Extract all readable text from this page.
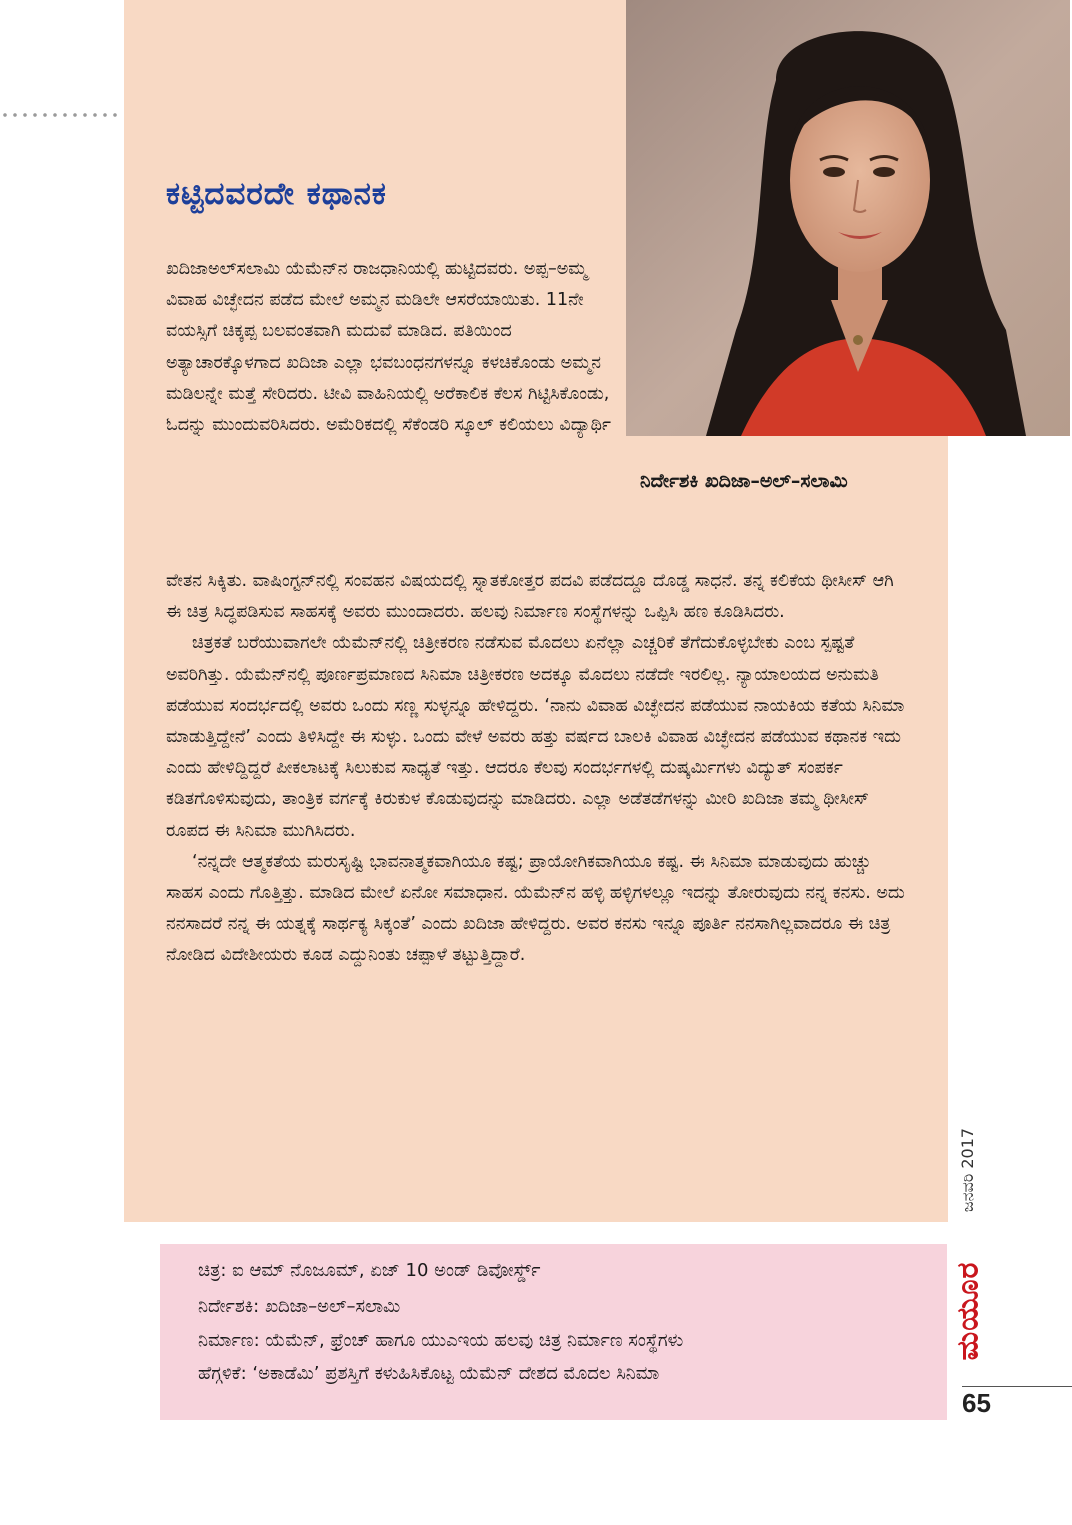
ನಿರ್ದೇಶಕಿ ಖದಿಜಾ–ಅಲ್–ಸಲಾಮಿ
ಕಟ್ಟಿದವರದೇ ಕಥಾನಕ

ಖದಿಜಾಅಲ್‌ಸಲಾಮಿ ಯೆಮೆನ್‌ನ ರಾಜಧಾನಿಯಲ್ಲಿ ಹುಟ್ಟಿದವರು. ಅಪ್ಪ–ಅಮ್ಮ ವಿವಾಹ ವಿಚ್ಛೇದನ ಪಡೆದ ಮೇಲೆ ಅಮ್ಮನ ಮಡಿಲೇ ಆಸರೆಯಾಯಿತು. 11ನೇ ವಯಸ್ಸಿಗೆ ಚಿಕ್ಕಪ್ಪ ಬಲವಂತವಾಗಿ ಮದುವೆ ಮಾಡಿದ. ಪತಿಯಿಂದ ಅತ್ಯಾಚಾರಕ್ಕೊಳಗಾದ ಖದಿಜಾ ಎಲ್ಲಾ ಭವಬಂಧನಗಳನ್ನೂ ಕಳಚಿಕೊಂಡು ಅಮ್ಮನ ಮಡಿಲನ್ನೇ ಮತ್ತೆ ಸೇರಿದರು. ಟೀವಿ ವಾಹಿನಿಯಲ್ಲಿ ಅರೆಕಾಲಿಕ ಕೆಲಸ ಗಿಟ್ಟಿಸಿಕೊಂಡು, ಓದನ್ನು ಮುಂದುವರಿಸಿದರು. ಅಮೆರಿಕದಲ್ಲಿ ಸೆಕೆಂಡರಿ ಸ್ಕೂಲ್ ಕಲಿಯಲು ವಿದ್ಯಾರ್ಥಿ

ವೇತನ ಸಿಕ್ಕಿತು. ವಾಷಿಂಗ್ಟನ್‌ನಲ್ಲಿ ಸಂವಹನ ವಿಷಯದಲ್ಲಿ ಸ್ನಾತಕೋತ್ತರ ಪದವಿ ಪಡೆದದ್ದೂ ದೊಡ್ಡ ಸಾಧನೆ. ತನ್ನ ಕಲಿಕೆಯ ಥೀಸೀಸ್ ಆಗಿ ಈ ಚಿತ್ರ ಸಿದ್ಧಪಡಿಸುವ ಸಾಹಸಕ್ಕೆ ಅವರು ಮುಂದಾದರು. ಹಲವು ನಿರ್ಮಾಣ ಸಂಸ್ಥೆಗಳನ್ನು ಒಪ್ಪಿಸಿ ಹಣ ಕೂಡಿಸಿದರು.

ಚಿತ್ರಕತೆ ಬರೆಯುವಾಗಲೇ ಯೆಮೆನ್‌ನಲ್ಲಿ ಚಿತ್ರೀಕರಣ ನಡೆಸುವ ಮೊದಲು ಏನೆಲ್ಲಾ ಎಚ್ಚರಿಕೆ ತೆಗೆದುಕೊಳ್ಳಬೇಕು ಎಂಬ ಸ್ಪಷ್ಟತೆ ಅವರಿಗಿತ್ತು. ಯೆಮೆನ್‌ನಲ್ಲಿ ಪೂರ್ಣಪ್ರಮಾಣದ ಸಿನಿಮಾ ಚಿತ್ರೀಕರಣ ಅದಕ್ಕೂ ಮೊದಲು ನಡೆದೇ ಇರಲಿಲ್ಲ. ನ್ಯಾಯಾಲಯದ ಅನುಮತಿ ಪಡೆಯುವ ಸಂದರ್ಭದಲ್ಲಿ ಅವರು ಒಂದು ಸಣ್ಣ ಸುಳ್ಳನ್ನೂ ಹೇಳಿದ್ದರು. ‘ನಾನು ವಿವಾಹ ವಿಚ್ಛೇದನ ಪಡೆಯುವ ನಾಯಕಿಯ ಕತೆಯ ಸಿನಿಮಾ ಮಾಡುತ್ತಿದ್ದೇನೆ’ ಎಂದು ತಿಳಿಸಿದ್ದೇ ಈ ಸುಳ್ಳು. ಒಂದು ವೇಳೆ ಅವರು ಹತ್ತು ವರ್ಷದ ಬಾಲಕಿ ವಿವಾಹ ವಿಚ್ಛೇದನ ಪಡೆಯುವ ಕಥಾನಕ ಇದು ಎಂದು ಹೇಳಿದ್ದಿದ್ದರೆ ಪೀಕಲಾಟಕ್ಕೆ ಸಿಲುಕುವ ಸಾಧ್ಯತೆ ಇತ್ತು. ಆದರೂ ಕೆಲವು ಸಂದರ್ಭಗಳಲ್ಲಿ ದುಷ್ಕರ್ಮಿಗಳು ವಿದ್ಯುತ್ ಸಂಪರ್ಕ ಕಡಿತಗೊಳಿಸುವುದು, ತಾಂತ್ರಿಕ ವರ್ಗಕ್ಕೆ ಕಿರುಕುಳ ಕೊಡುವುದನ್ನು ಮಾಡಿದರು. ಎಲ್ಲಾ ಅಡೆತಡೆಗಳನ್ನು ಮೀರಿ ಖದಿಜಾ ತಮ್ಮ ಥೀಸೀಸ್ ರೂಪದ ಈ ಸಿನಿಮಾ ಮುಗಿಸಿದರು.

‘ನನ್ನದೇ ಆತ್ಮಕತೆಯ ಮರುಸೃಷ್ಟಿ ಭಾವನಾತ್ಮಕವಾಗಿಯೂ ಕಷ್ಟ; ಪ್ರಾಯೋಗಿಕವಾಗಿಯೂ ಕಷ್ಟ. ಈ ಸಿನಿಮಾ ಮಾಡುವುದು ಹುಚ್ಚು ಸಾಹಸ ಎಂದು ಗೊತ್ತಿತ್ತು. ಮಾಡಿದ ಮೇಲೆ ಏನೋ ಸಮಾಧಾನ. ಯೆಮೆನ್‌ನ ಹಳ್ಳಿ ಹಳ್ಳಿಗಳಲ್ಲೂ ಇದನ್ನು ತೋರುವುದು ನನ್ನ ಕನಸು. ಅದು ನನಸಾದರೆ ನನ್ನ ಈ ಯತ್ನಕ್ಕೆ ಸಾರ್ಥಕ್ಯ ಸಿಕ್ಕಂತೆ’ ಎಂದು ಖದಿಜಾ ಹೇಳಿದ್ದರು. ಅವರ ಕನಸು ಇನ್ನೂ ಪೂರ್ತಿ ನನಸಾಗಿಲ್ಲವಾದರೂ ಈ ಚಿತ್ರ ನೋಡಿದ ವಿದೇಶೀಯರು ಕೂಡ ಎದ್ದುನಿಂತು ಚಪ್ಪಾಳೆ ತಟ್ಟುತ್ತಿದ್ದಾರೆ.

ಚಿತ್ರ: ಐ ಆಮ್ ನೊಜೂಮ್, ಏಜ್ 10 ಅಂಡ್ ಡಿವೋರ್ಸ್ಡ್
ನಿರ್ದೇಶಕಿ: ಖದಿಜಾ–ಅಲ್–ಸಲಾಮಿ
ನಿರ್ಮಾಣ: ಯೆಮೆನ್, ಫ್ರೆಂಚ್ ಹಾಗೂ ಯುಎಇಯ ಹಲವು ಚಿತ್ರ ನಿರ್ಮಾಣ ಸಂಸ್ಥೆಗಳು
ಹೆಗ್ಗಳಿಕೆ: ‘ಅಕಾಡೆಮಿ’ ಪ್ರಶಸ್ತಿಗೆ ಕಳುಹಿಸಿಕೊಟ್ಟ ಯೆಮೆನ್ ದೇಶದ ಮೊದಲ ಸಿನಿಮಾ
ಜನವರಿ 2017
ಮಯೂರ
65
